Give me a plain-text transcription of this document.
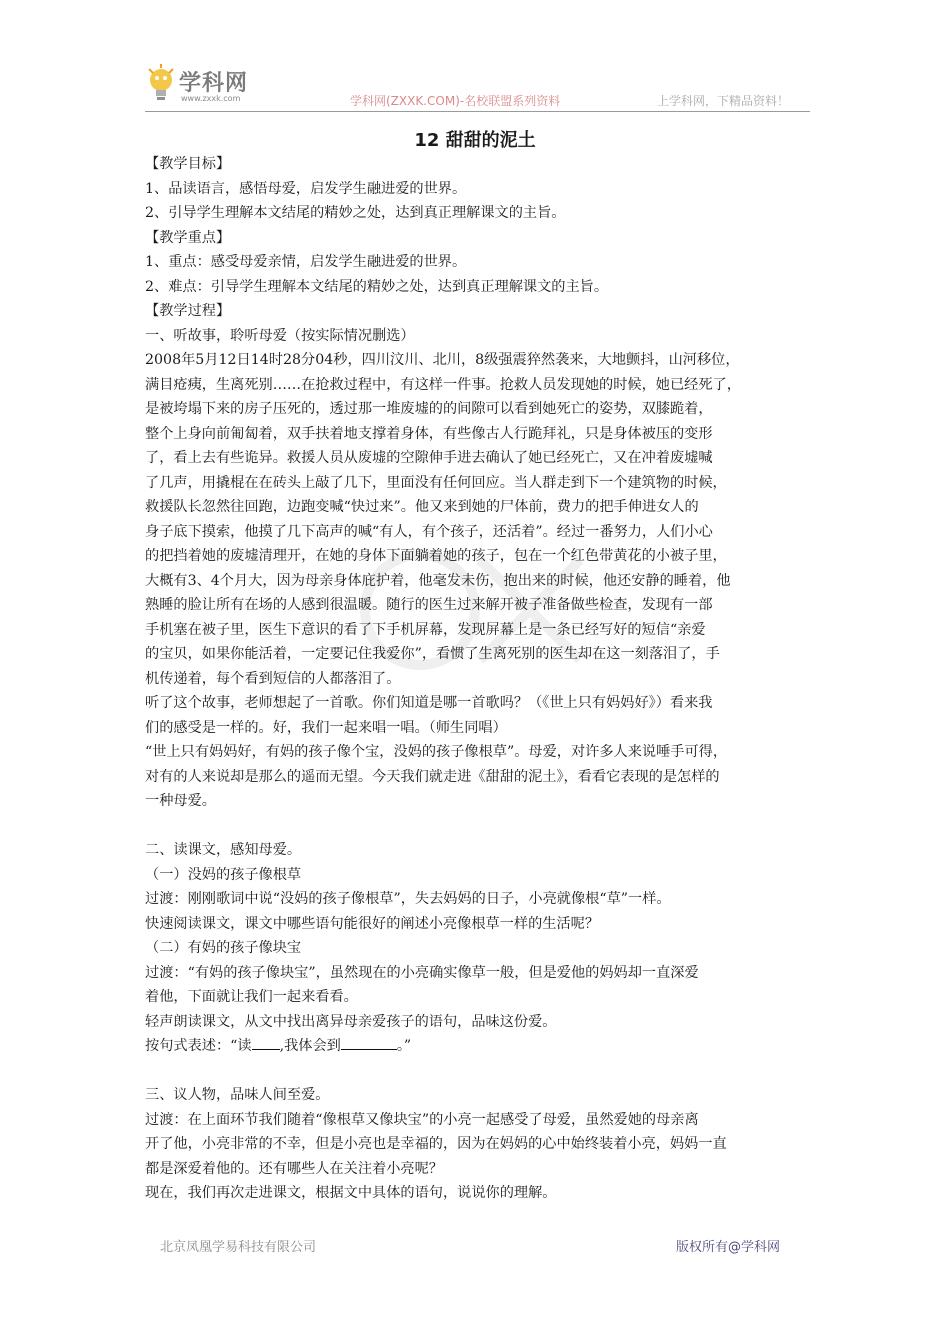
学科网
www.zxxk.com	学科网(ZXXK.COM)-名校联盟系列资料	上学科网，下精品资料！
12 甜甜的泥土
【教学目标】
1、品读语言，感悟母爱，启发学生融进爱的世界。
2、引导学生理解本文结尾的精妙之处，达到真正理解课文的主旨。
【教学重点】
1、重点：感受母爱亲情，启发学生融进爱的世界。
2、难点：引导学生理解本文结尾的精妙之处，达到真正理解课文的主旨。
【教学过程】
一、听故事，聆听母爱（按实际情况删选）
2008年5月12日14时28分04秒，四川汶川、北川，8级强震猝然袭来，大地颤抖，山河移位，
满目疮痍，生离死别……在抢救过程中，有这样一件事。抢救人员发现她的时候，她已经死了，
是被垮塌下来的房子压死的，透过那一堆废墟的的间隙可以看到她死亡的姿势，双膝跪着，
整个上身向前匍匐着，双手扶着地支撑着身体，有些像古人行跪拜礼，只是身体被压的变形
了，看上去有些诡异。救援人员从废墟的空隙伸手进去确认了她已经死亡，又在冲着废墟喊
了几声，用撬棍在在砖头上敲了几下，里面没有任何回应。当人群走到下一个建筑物的时候，
救援队长忽然往回跑，边跑变喊“快过来”。他又来到她的尸体前，费力的把手伸进女人的
身子底下摸索，他摸了几下高声的喊“有人，有个孩子，还活着”。经过一番努力，人们小心
的把挡着她的废墟清理开，在她的身体下面躺着她的孩子，包在一个红色带黄花的小被子里，
大概有3、4个月大，因为母亲身体庇护着，他毫发未伤，抱出来的时候，他还安静的睡着，他
熟睡的脸让所有在场的人感到很温暖。随行的医生过来解开被子准备做些检查，发现有一部
手机塞在被子里，医生下意识的看了下手机屏幕，发现屏幕上是一条已经写好的短信“亲爱
的宝贝，如果你能活着，一定要记住我爱你”，看惯了生离死别的医生却在这一刻落泪了，手
机传递着，每个看到短信的人都落泪了。
听了这个故事，老师想起了一首歌。你们知道是哪一首歌吗？（《世上只有妈妈好》）看来我
们的感受是一样的。好，我们一起来唱一唱。（师生同唱）
“世上只有妈妈好，有妈的孩子像个宝，没妈的孩子像根草”。母爱，对许多人来说唾手可得，
对有的人来说却是那么的遥而无望。今天我们就走进《甜甜的泥土》，看看它表现的是怎样的
一种母爱。
二、读课文，感知母爱。
（一）没妈的孩子像根草
过渡：刚刚歌词中说“没妈的孩子像根草”，失去妈妈的日子，小亮就像根“草”一样。
快速阅读课文，课文中哪些语句能很好的阐述小亮像根草一样的生活呢？
（二）有妈的孩子像块宝
过渡：“有妈的孩子像块宝”，虽然现在的小亮确实像草一般，但是爱他的妈妈却一直深爱
着他，下面就让我们一起来看看。
轻声朗读课文，从文中找出离异母亲爱孩子的语句，品味这份爱。
按句式表述：“读 ,我体会到	。”
三、议人物，品味人间至爱。
过渡：在上面环节我们随着“像根草又像块宝”的小亮一起感受了母爱，虽然爱她的母亲离
开了他，小亮非常的不幸，但是小亮也是幸福的，因为在妈妈的心中始终装着小亮，妈妈一直
都是深爱着他的。还有哪些人在关注着小亮呢？
现在，我们再次走进课文，根据文中具体的语句，说说你的理解。
北京凤凰学易科技有限公司	版权所有@学科网
